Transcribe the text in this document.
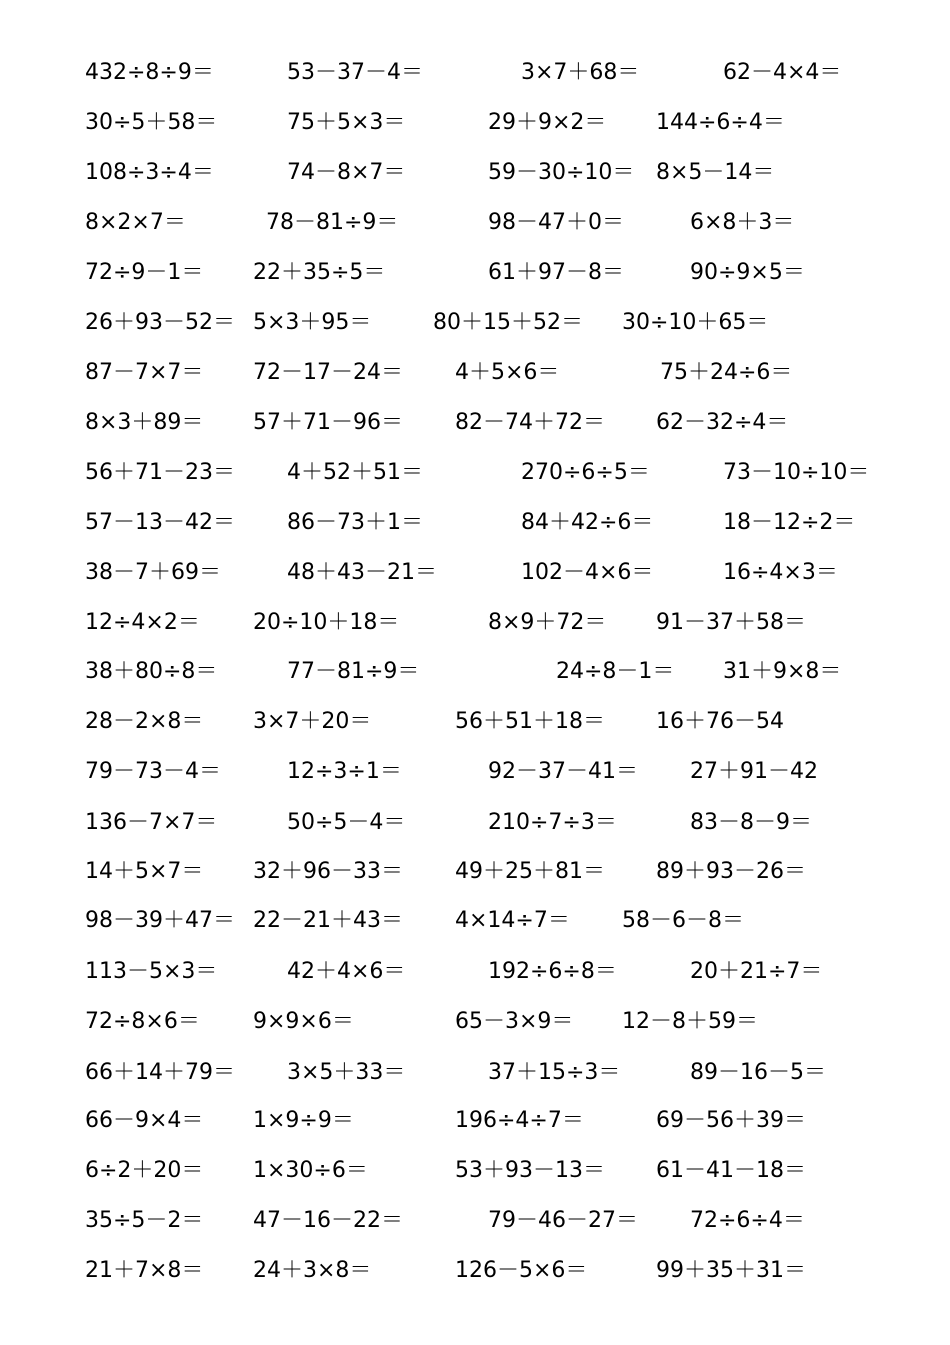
432÷8÷9＝	53－37－4＝	3×7＋68＝	62－4×4＝
30÷5＋58＝	75＋5×3＝	29＋9×2＝ 144÷6÷4＝
108÷3÷4＝	74－8×7＝	59－30÷10＝ 8×5－14＝
8×2×7＝	78－81÷9＝	98－47＋0＝	6×8＋3＝
72÷9－1＝ 22＋35÷5＝	61＋97－8＝	90÷9×5＝
26＋93－52＝ 5×3＋95＝	80＋15＋52＝ 30÷10＋65＝
87－7×7＝ 72－17－24＝ 4＋5×6＝	75＋24÷6＝
8×3＋89＝ 57＋71－96＝ 82－74＋72＝ 62－32÷4＝
56＋71－23＝ 4＋52＋51＝	270÷6÷5＝	73－10÷10＝
57－13－42＝ 86－73＋1＝	84＋42÷6＝	18－12÷2＝
38－7＋69＝	48＋43－21＝	102－4×6＝	16÷4×3＝
12÷4×2＝ 20÷10＋18＝	8×9＋72＝ 91－37＋58＝
38＋80÷8＝	77－81÷9＝	24÷8－1＝ 31＋9×8＝
28－2×8＝ 3×7＋20＝	56＋51＋18＝ 16＋76－54
79－73－4＝	12÷3÷1＝	92－37－41＝ 27＋91－42
136－7×7＝	50÷5－4＝	210÷7÷3＝	83－8－9＝
14＋5×7＝ 32＋96－33＝ 49＋25＋81＝ 89＋93－26＝
98－39＋47＝ 22－21＋43＝ 4×14÷7＝ 58－6－8＝
113－5×3＝	42＋4×6＝	192÷6÷8＝	20＋21÷7＝
72÷8×6＝ 9×9×6＝	65－3×9＝ 12－8＋59＝
66＋14＋79＝ 3×5＋33＝	37＋15÷3＝	89－16－5＝
66－9×4＝ 1×9÷9＝	196÷4÷7＝	69－56＋39＝
6÷2＋20＝ 1×30÷6＝	53＋93－13＝ 61－41－18＝
35÷5－2＝ 47－16－22＝	79－46－27＝ 72÷6÷4＝
21＋7×8＝ 24＋3×8＝	126－5×6＝	99＋35＋31＝
